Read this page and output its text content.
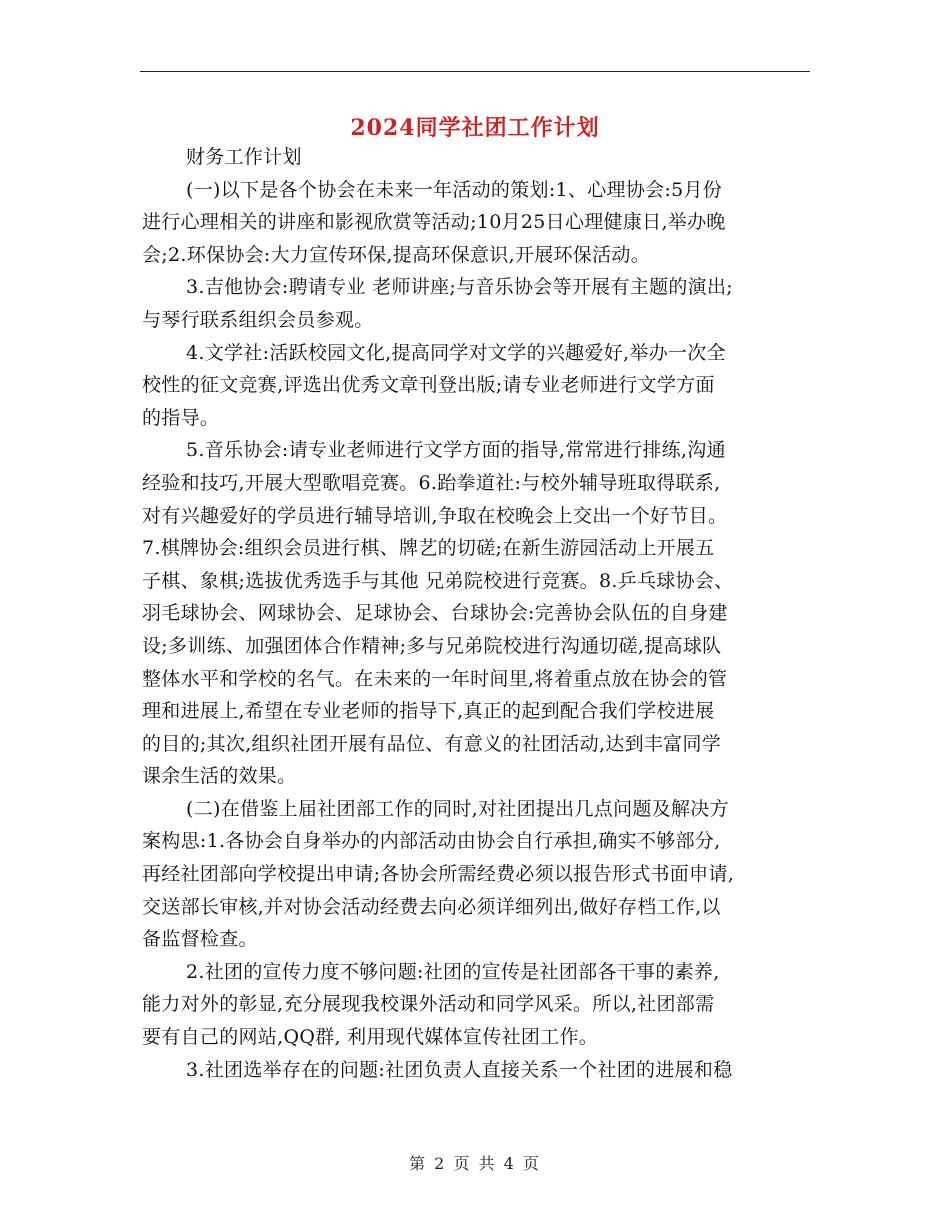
2024同学社团工作计划
财务工作计划
(一)以下是各个协会在未来一年活动的策划:1、心理协会:5月份
进行心理相关的讲座和影视欣赏等活动;10月25日心理健康日,举办晚
会;2.环保协会:大力宣传环保,提高环保意识,开展环保活动。
3.吉他协会:聘请专业 老师讲座;与音乐协会等开展有主题的演出;
与琴行联系组织会员参观。
4.文学社:活跃校园文化,提高同学对文学的兴趣爱好,举办一次全
校性的征文竞赛,评选出优秀文章刊登出版;请专业老师进行文学方面
的指导。
5.音乐协会:请专业老师进行文学方面的指导,常常进行排练,沟通
经验和技巧,开展大型歌唱竞赛。6.跆拳道社:与校外辅导班取得联系,
对有兴趣爱好的学员进行辅导培训,争取在校晚会上交出一个好节目。
7.棋牌协会:组织会员进行棋、牌艺的切磋;在新生游园活动上开展五
子棋、象棋;选拔优秀选手与其他 兄弟院校进行竞赛。8.乒乓球协会、
羽毛球协会、网球协会、足球协会、台球协会:完善协会队伍的自身建
设;多训练、加强团体合作精神;多与兄弟院校进行沟通切磋,提高球队
整体水平和学校的名气。在未来的一年时间里,将着重点放在协会的管
理和进展上,希望在专业老师的指导下,真正的起到配合我们学校进展
的目的;其次,组织社团开展有品位、有意义的社团活动,达到丰富同学
课余生活的效果。
(二)在借鉴上届社团部工作的同时,对社团提出几点问题及解决方
案构思:1.各协会自身举办的内部活动由协会自行承担,确实不够部分,
再经社团部向学校提出申请;各协会所需经费必须以报告形式书面申请,
交送部长审核,并对协会活动经费去向必须详细列出,做好存档工作,以
备监督检查。
2.社团的宣传力度不够问题:社团的宣传是社团部各干事的素养,
能力对外的彰显,充分展现我校课外活动和同学风采。所以,社团部需
要有自己的网站,QQ群, 利用现代媒体宣传社团工作。
3.社团选举存在的问题:社团负责人直接关系一个社团的进展和稳
第 2 页 共 4 页
